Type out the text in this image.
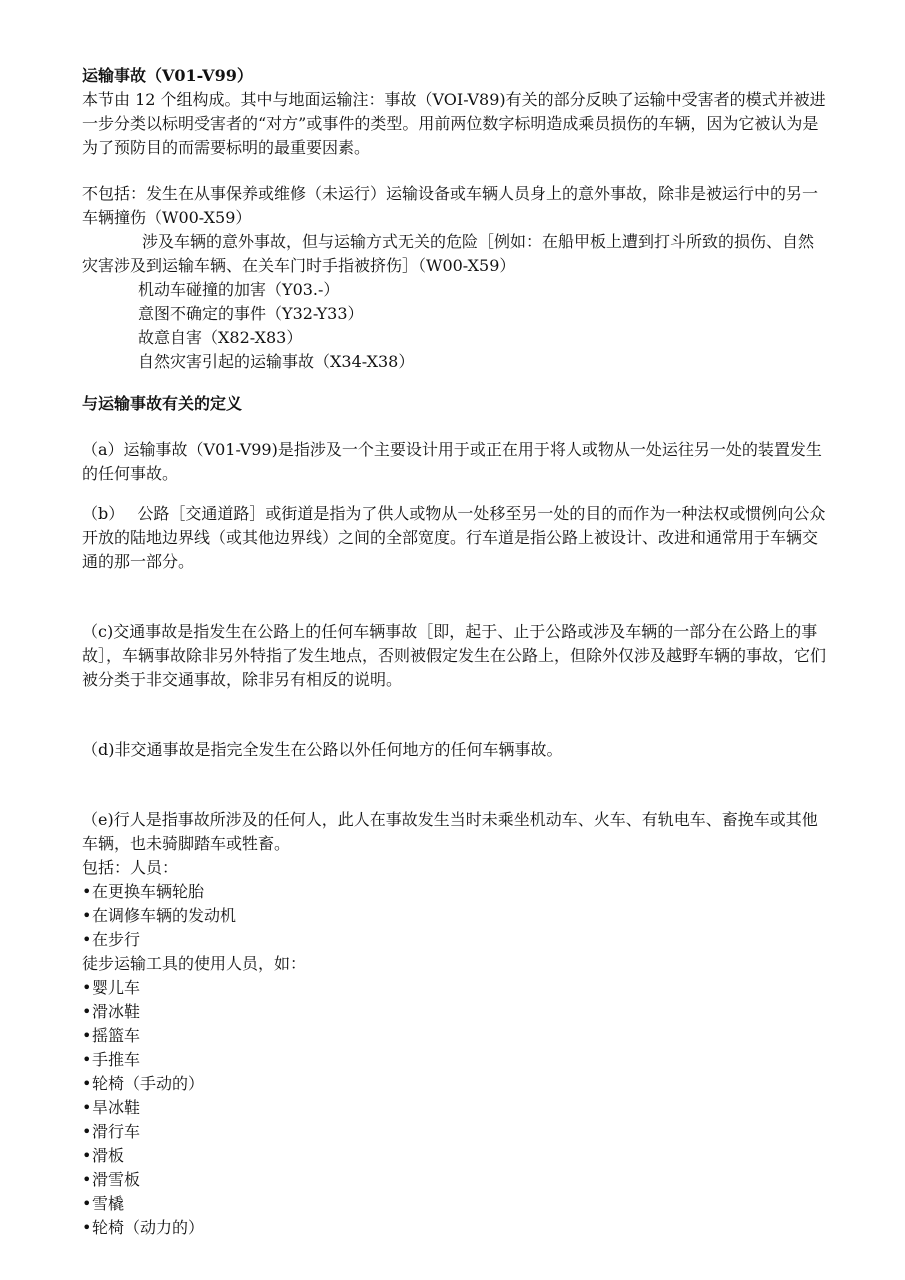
运输事故（V01-V99）

本节由 12 个组构成。其中与地面运输注：事故（VOI-V89)有关的部分反映了运输中受害者的模式并被进一步分类以标明受害者的“对方”或事件的类型。用前两位数字标明造成乘员损伤的车辆，因为它被认为是为了预防目的而需要标明的最重要因素。

不包括：发生在从事保养或维修（未运行）运输设备或车辆人员身上的意外事故，除非是被运行中的另一车辆撞伤（W00-X59）

涉及车辆的意外事故，但与运输方式无关的危险［例如：在船甲板上遭到打斗所致的损伤、自然灾害涉及到运输车辆、在关车门时手指被挤伤］（W00-X59）

机动车碰撞的加害（Y03.-）

意图不确定的事件（Y32-Y33）

故意自害（X82-X83）

自然灾害引起的运输事故（X34-X38）

与运输事故有关的定义

（a）运输事故（V01-V99)是指涉及一个主要设计用于或正在用于将人或物从一处运往另一处的装置发生的任何事故。

（b）　 公路［交通道路］或街道是指为了供人或物从一处移至另一处的目的而作为一种法权或惯例向公众开放的陆地边界线（或其他边界线）之间的全部宽度。行车道是指公路上被设计、改进和通常用于车辆交通的那一部分。

（c)交通事故是指发生在公路上的任何车辆事故［即，起于、止于公路或涉及车辆的一部分在公路上的事故］，车辆事故除非另外特指了发生地点，否则被假定发生在公路上，但除外仅涉及越野车辆的事故，它们被分类于非交通事故，除非另有相反的说明。

（d)非交通事故是指完全发生在公路以外任何地方的任何车辆事故。

（e)行人是指事故所涉及的任何人，此人在事故发生当时未乘坐机动车、火车、有轨电车、畜挽车或其他车辆，也未骑脚踏车或牲畜。

包括：人员：

• 在更换车辆轮胎
• 在调修车辆的发动机
• 在步行

徒步运输工具的使用人员，如：

• 婴儿车
• 滑冰鞋
• 摇篮车
• 手推车
• 轮椅（手动的）
• 旱冰鞋
• 滑行车
• 滑板
• 滑雪板
• 雪橇
• 轮椅（动力的）
